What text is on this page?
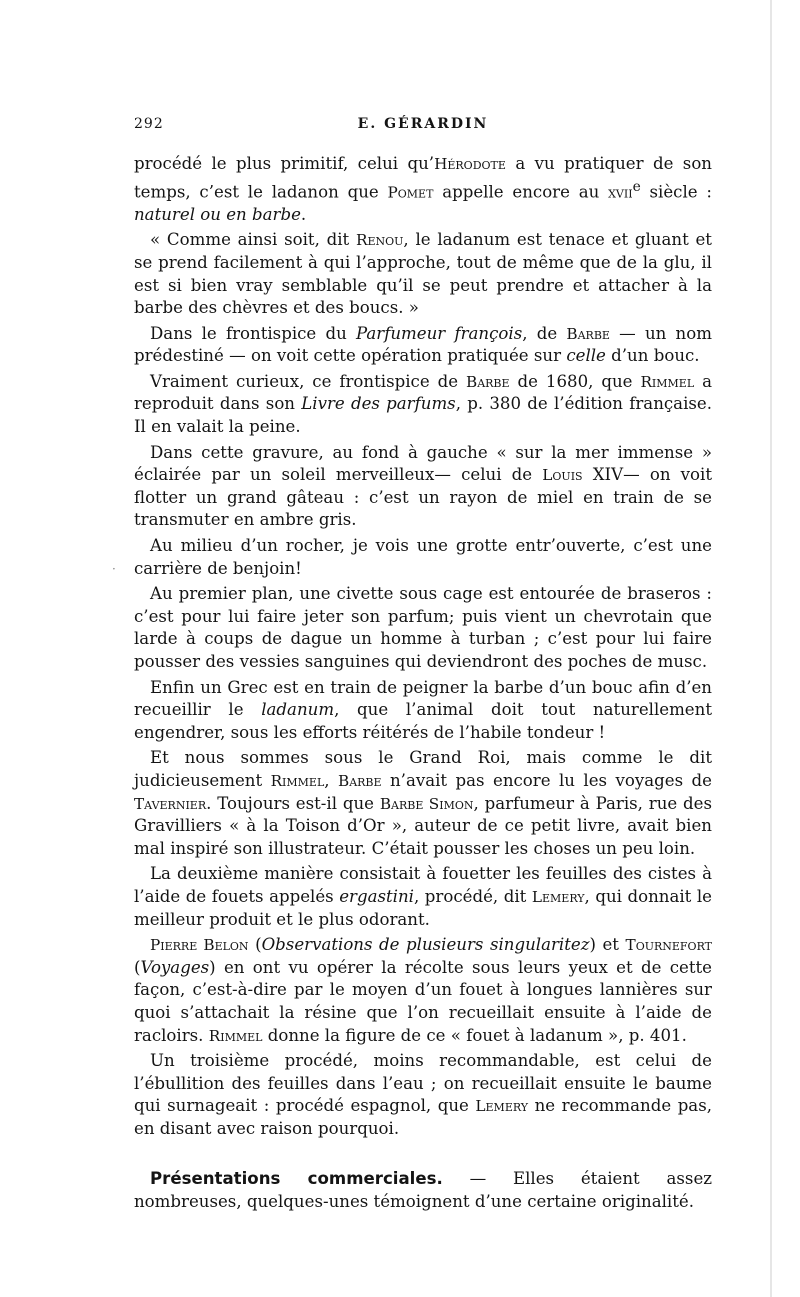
·
292	E. GÉRARDIN

procédé le plus primitif, celui qu’Hérodote a vu pratiquer de son temps, c’est le ladanon que Pomet appelle encore au xvii$^e$ siècle : naturel ou en barbe.

« Comme ainsi soit, dit Renou, le ladanum est tenace et gluant et se prend facilement à qui l’approche, tout de même que de la glu, il est si bien vray semblable qu’il se peut prendre et attacher à la barbe des chèvres et des boucs. »

Dans le frontispice du Parfumeur françois, de Barbe — un nom prédestiné — on voit cette opération pratiquée sur celle d’un bouc.

Vraiment curieux, ce frontispice de Barbe de 1680, que Rimmel a reproduit dans son Livre des parfums, p. 380 de l’édition française. Il en valait la peine.

Dans cette gravure, au fond à gauche « sur la mer immense » éclairée par un soleil merveilleux— celui de Louis XIV— on voit flotter un grand gâteau : c’est un rayon de miel en train de se transmuter en ambre gris.

Au milieu d’un rocher, je vois une grotte entr’ouverte, c’est une carrière de benjoin!

Au premier plan, une civette sous cage est entourée de braseros : c’est pour lui faire jeter son parfum; puis vient un chevrotain que larde à coups de dague un homme à turban ; c’est pour lui faire pousser des vessies sanguines qui deviendront des poches de musc.

Enfin un Grec est en train de peigner la barbe d’un bouc afin d’en recueillir le ladanum, que l’animal doit tout naturellement engendrer, sous les efforts réitérés de l’habile tondeur !

Et nous sommes sous le Grand Roi, mais comme le dit judicieusement Rimmel, Barbe n’avait pas encore lu les voyages de Tavernier. Toujours est-il que Barbe Simon, parfumeur à Paris, rue des Gravilliers « à la Toison d’Or », auteur de ce petit livre, avait bien mal inspiré son illustrateur. C’était pousser les choses un peu loin.

La deuxième manière consistait à fouetter les feuilles des cistes à l’aide de fouets appelés ergastini, procédé, dit Lemery, qui donnait le meilleur produit et le plus odorant.

Pierre Belon (Observations de plusieurs singularitez) et Tournefort (Voyages) en ont vu opérer la récolte sous leurs yeux et de cette façon, c’est-à-dire par le moyen d’un fouet à longues lannières sur quoi s’attachait la résine que l’on recueillait ensuite à l’aide de racloirs. Rimmel donne la figure de ce « fouet à ladanum », p. 401.

Un troisième procédé, moins recommandable, est celui de l’ébullition des feuilles dans l’eau ; on recueillait ensuite le baume qui surnageait : procédé espagnol, que Lemery ne recommande pas, en disant avec raison pourquoi.

Présentations commerciales. — Elles étaient assez nombreuses, quelques-unes témoignent d’une certaine originalité.
